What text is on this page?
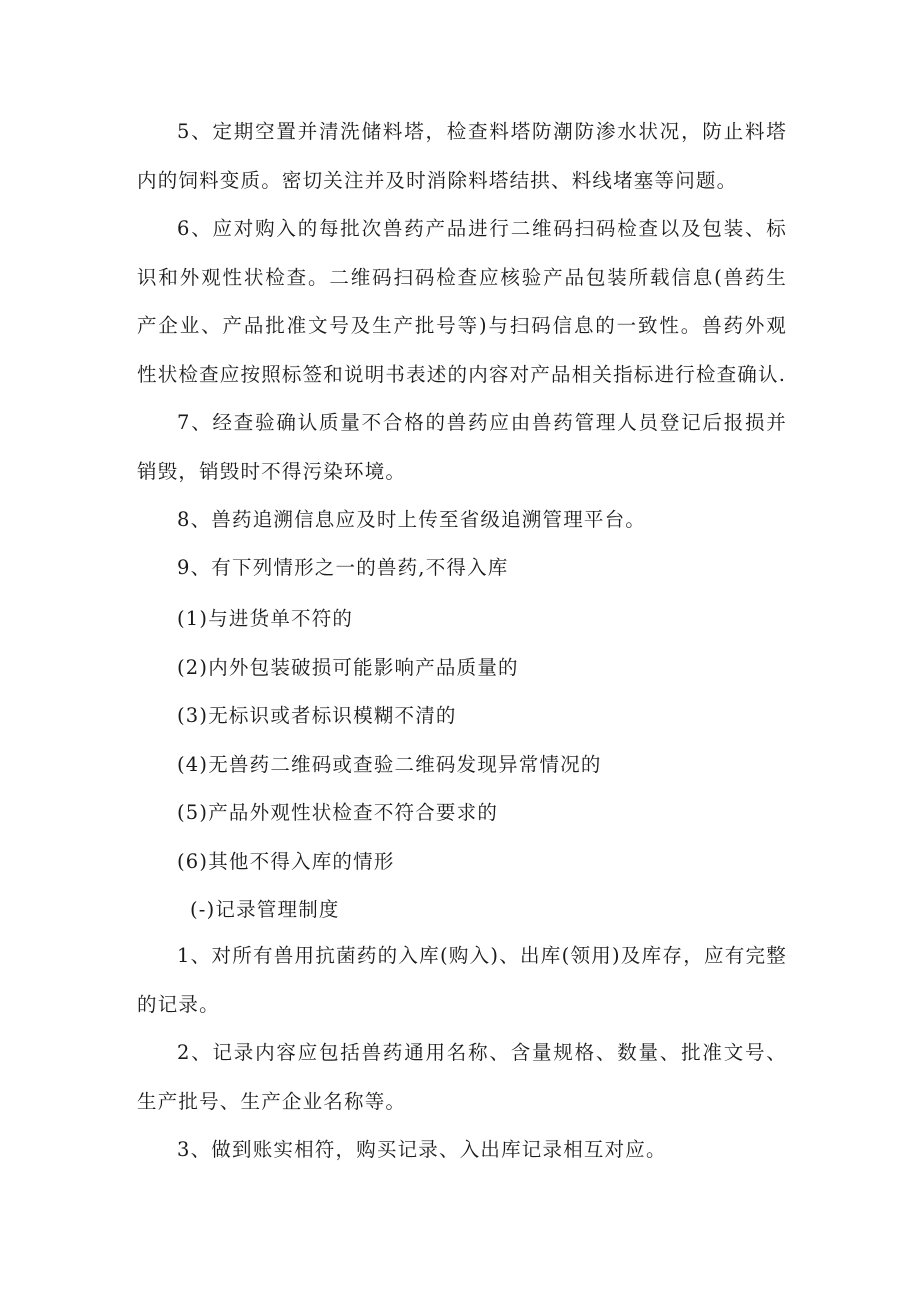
5、定期空置并清洗储料塔，检查料塔防潮防渗水状况，防止料塔内的饲料变质。密切关注并及时消除料塔结拱、料线堵塞等问题。

6、应对购入的每批次兽药产品进行二维码扫码检查以及包装、标识和外观性状检查。二维码扫码检查应核验产品包装所载信息(兽药生产企业、产品批准文号及生产批号等)与扫码信息的一致性。兽药外观性状检查应按照标签和说明书表述的内容对产品相关指标进行检查确认.

7、经查验确认质量不合格的兽药应由兽药管理人员登记后报损并销毁，销毁时不得污染环境。

8、兽药追溯信息应及时上传至省级追溯管理平台。

9、有下列情形之一的兽药,不得入库

(1)与进货单不符的

(2)内外包装破损可能影响产品质量的

(3)无标识或者标识模糊不清的

(4)无兽药二维码或查验二维码发现异常情况的

(5)产品外观性状检查不符合要求的

(6)其他不得入库的情形

(-)记录管理制度

1、对所有兽用抗菌药的入库(购入)、出库(领用)及库存，应有完整的记录。

2、记录内容应包括兽药通用名称、含量规格、数量、批准文号、生产批号、生产企业名称等。

3、做到账实相符，购买记录、入出库记录相互对应。
